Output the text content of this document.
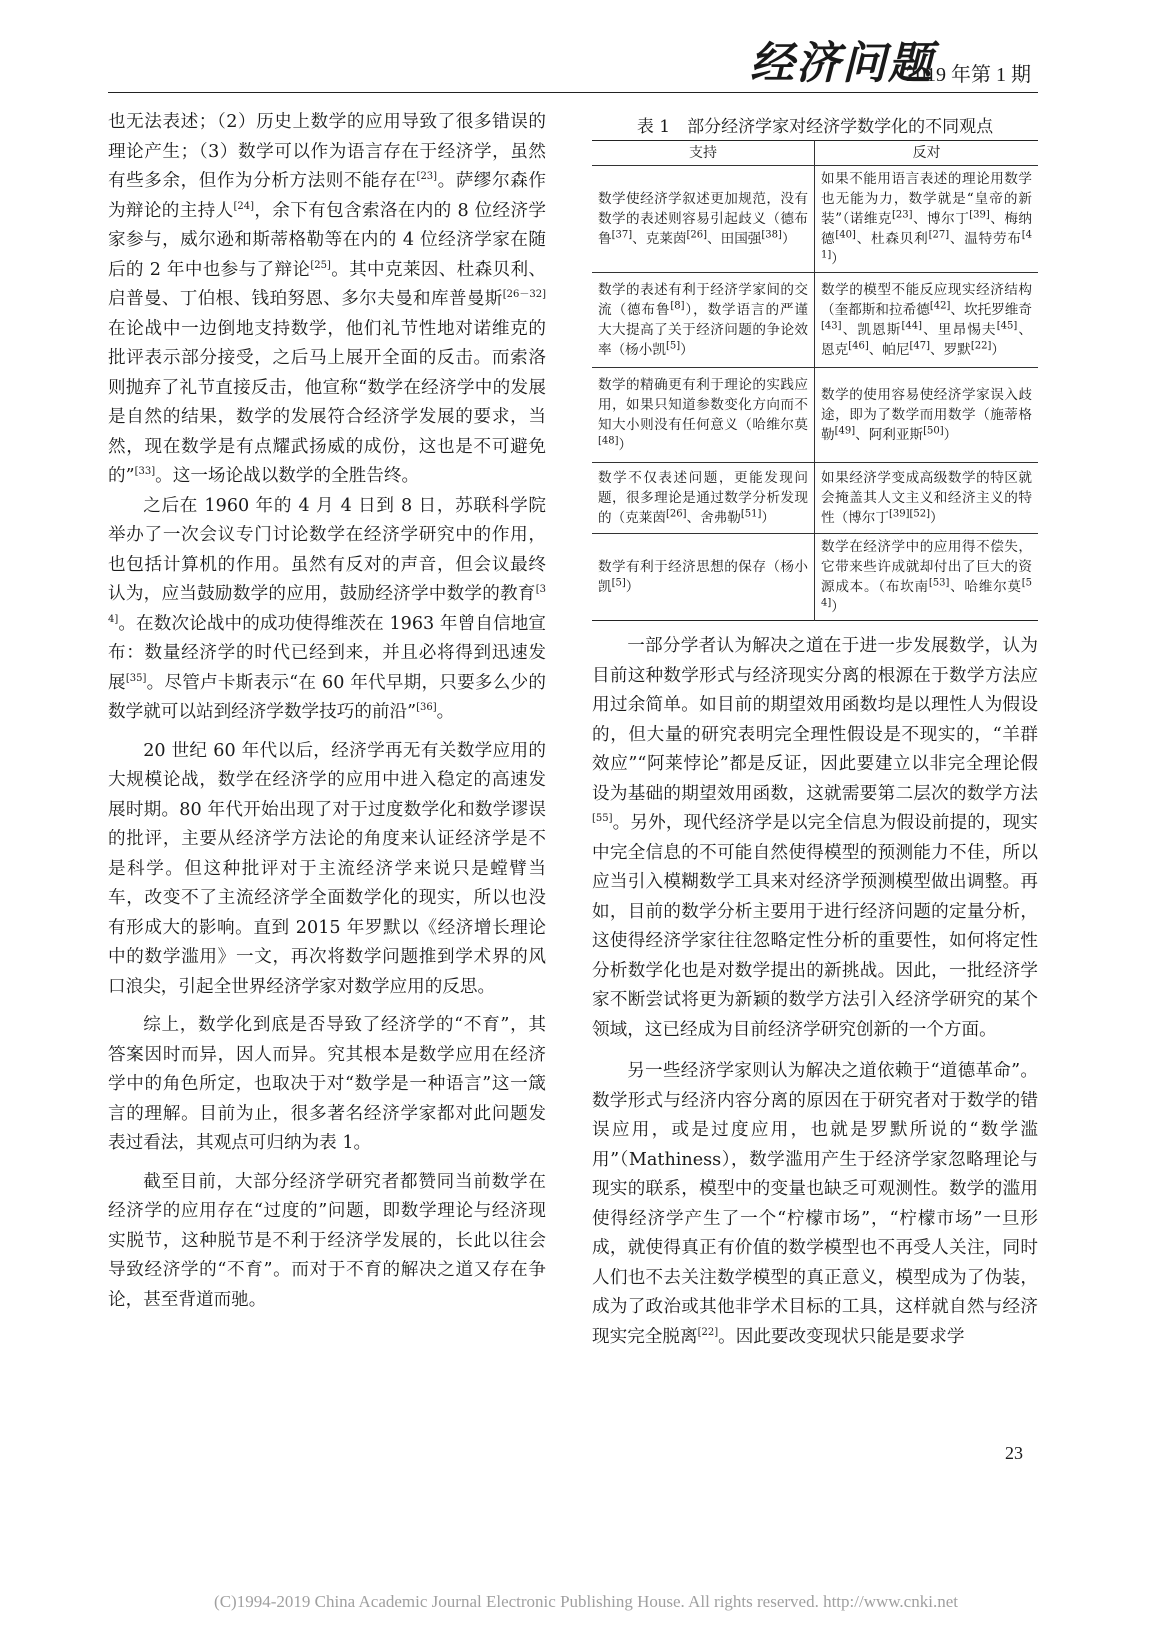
经济问题
2019 年第 1 期

也无法表述；（2）历史上数学的应用导致了很多错误的理论产生；（3）数学可以作为语言存在于经济学，虽然有些多余，但作为分析方法则不能存在[23]。萨缪尔森作为辩论的主持人[24]，余下有包含索洛在内的 8 位经济学家参与，威尔逊和斯蒂格勒等在内的 4 位经济学家在随后的 2 年中也参与了辩论[25]。其中克莱因、杜森贝利、启普曼、丁伯根、钱珀努恩、多尔夫曼和库普曼斯[26－32]在论战中一边倒地支持数学，他们礼节性地对诺维克的批评表示部分接受，之后马上展开全面的反击。而索洛则抛弃了礼节直接反击，他宣称“数学在经济学中的发展是自然的结果，数学的发展符合经济学发展的要求，当然，现在数学是有点耀武扬威的成份，这也是不可避免的”[33]。这一场论战以数学的全胜告终。

之后在 1960 年的 4 月 4 日到 8 日，苏联科学院举办了一次会议专门讨论数学在经济学研究中的作用，也包括计算机的作用。虽然有反对的声音，但会议最终认为，应当鼓励数学的应用，鼓励经济学中数学的教育[34]。在数次论战中的成功使得维茨在 1963 年曾自信地宣布：数量经济学的时代已经到来，并且必将得到迅速发展[35]。尽管卢卡斯表示“在 60 年代早期，只要多么少的数学就可以站到经济学数学技巧的前沿”[36]。

20 世纪 60 年代以后，经济学再无有关数学应用的大规模论战，数学在经济学的应用中进入稳定的高速发展时期。80 年代开始出现了对于过度数学化和数学谬误的批评，主要从经济学方法论的角度来认证经济学是不是科学。但这种批评对于主流经济学来说只是螳臂当车，改变不了主流经济学全面数学化的现实，所以也没有形成大的影响。直到 2015 年罗默以《经济增长理论中的数学滥用》一文，再次将数学问题推到学术界的风口浪尖，引起全世界经济学家对数学应用的反思。

综上，数学化到底是否导致了经济学的“不育”，其答案因时而异，因人而异。究其根本是数学应用在经济学中的角色所定，也取决于对“数学是一种语言”这一箴言的理解。目前为止，很多著名经济学家都对此问题发表过看法，其观点可归纳为表 1。

截至目前，大部分经济学研究者都赞同当前数学在经济学的应用存在“过度的”问题，即数学理论与经济现实脱节，这种脱节是不利于经济学发展的，长此以往会导致经济学的“不育”。而对于不育的解决之道又存在争论，甚至背道而驰。

表 1　部分经济学家对经济学数学化的不同观点
支持	反对
数学使经济学叙述更加规范，没有数学的表述则容易引起歧义（德布鲁[37]、克莱茵[26]、田国强[38]）	如果不能用语言表述的理论用数学也无能为力，数学就是“皇帝的新装”（诺维克[23]、博尔丁[39]、梅纳德[40]、杜森贝利[27]、温特劳布[41]）
数学的表述有利于经济学家间的交流（德布鲁[8]），数学语言的严谨大大提高了关于经济问题的争论效率（杨小凯[5]）	数学的模型不能反应现实经济结构（奎都斯和拉希德[42]、坎托罗维奇[43]、凯恩斯[44]、里昂惕夫[45]、恩克[46]、帕尼[47]、罗默[22]）
数学的精确更有利于理论的实践应用，如果只知道参数变化方向而不知大小则没有任何意义（哈维尔莫[48]）	数学的使用容易使经济学家误入歧途，即为了数学而用数学（施蒂格勒[49]、阿利亚斯[50]）
数学不仅表述问题，更能发现问题，很多理论是通过数学分析发现的（克莱茵[26]、舍弗勒[51]）	如果经济学变成高级数学的特区就会掩盖其人文主义和经济主义的特性（博尔丁[39][52]）
数学有利于经济思想的保存（杨小凯[5]）	数学在经济学中的应用得不偿失，它带来些许成就却付出了巨大的资源成本。（布坎南[53]、哈维尔莫[54]）

一部分学者认为解决之道在于进一步发展数学，认为目前这种数学形式与经济现实分离的根源在于数学方法应用过余简单。如目前的期望效用函数均是以理性人为假设的，但大量的研究表明完全理性假设是不现实的，“羊群效应”“阿莱悖论”都是反证，因此要建立以非完全理论假设为基础的期望效用函数，这就需要第二层次的数学方法[55]。另外，现代经济学是以完全信息为假设前提的，现实中完全信息的不可能自然使得模型的预测能力不佳，所以应当引入模糊数学工具来对经济学预测模型做出调整。再如，目前的数学分析主要用于进行经济问题的定量分析，这使得经济学家往往忽略定性分析的重要性，如何将定性分析数学化也是对数学提出的新挑战。因此，一批经济学家不断尝试将更为新颖的数学方法引入经济学研究的某个领域，这已经成为目前经济学研究创新的一个方面。

另一些经济学家则认为解决之道依赖于“道德革命”。数学形式与经济内容分离的原因在于研究者对于数学的错误应用，或是过度应用，也就是罗默所说的“数学滥用”（Mathiness），数学滥用产生于经济学家忽略理论与现实的联系，模型中的变量也缺乏可观测性。数学的滥用使得经济学产生了一个“柠檬市场”，“柠檬市场”一旦形成，就使得真正有价值的数学模型也不再受人关注，同时人们也不去关注数学模型的真正意义，模型成为了伪装，成为了政治或其他非学术目标的工具，这样就自然与经济现实完全脱离[22]。因此要改变现状只能是要求学

23
(C)1994-2019 China Academic Journal Electronic Publishing House. All rights reserved. http://www.cnki.net
